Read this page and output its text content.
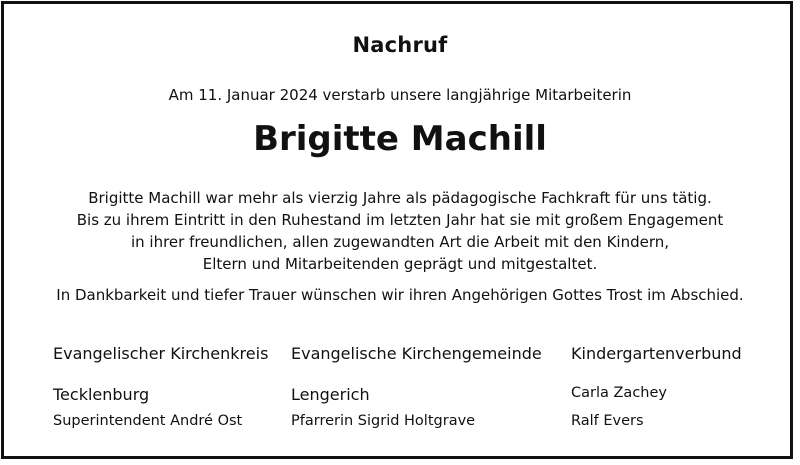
Nachruf
Am 11. Januar 2024 verstarb unsere langjährige Mitarbeiterin
Brigitte Machill
Brigitte Machill war mehr als vierzig Jahre als pädagogische Fachkraft für uns tätig.
Bis zu ihrem Eintritt in den Ruhestand im letzten Jahr hat sie mit großem Engagement
in ihrer freundlichen, allen zugewandten Art die Arbeit mit den Kindern,
Eltern und Mitarbeitenden geprägt und mitgestaltet.
In Dankbarkeit und tiefer Trauer wünschen wir ihren Angehörigen Gottes Trost im Abschied.
Evangelischer Kirchenkreis
Tecklenburg
Superintendent André Ost
Evangelische Kirchengemeinde
Lengerich
Pfarrerin Sigrid Holtgrave
Kindergartenverbund
Carla Zachey
Ralf Evers
